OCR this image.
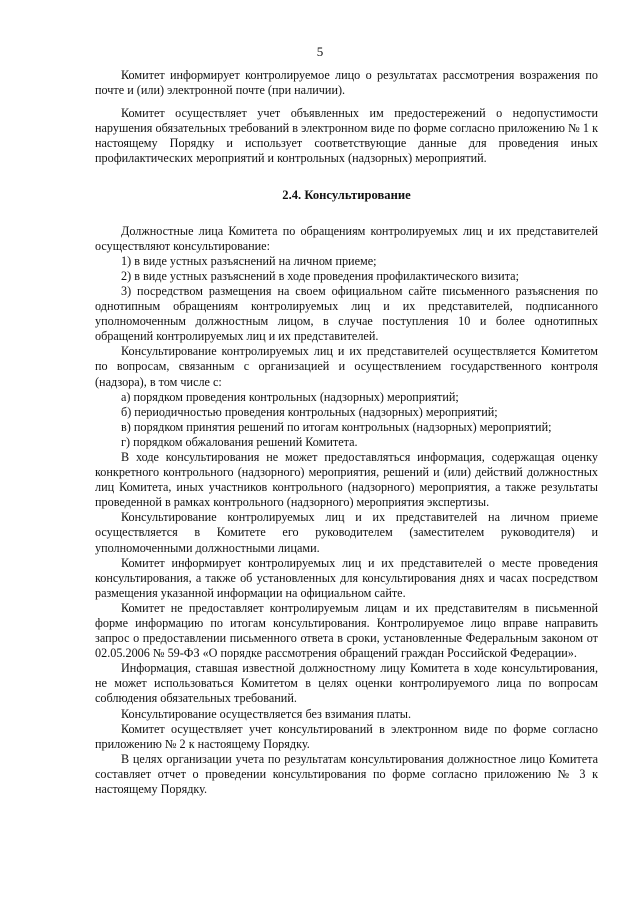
5

Комитет информирует контролируемое лицо о результатах рассмотрения возражения по почте и (или) электронной почте (при наличии).

Комитет осуществляет учет объявленных им предостережений о недопустимости нарушения обязательных требований в электронном виде по форме согласно приложению № 1 к настоящему Порядку и использует соответствующие данные для проведения иных профилактических мероприятий и контрольных (надзорных) мероприятий.

2.4. Консультирование

Должностные лица Комитета по обращениям контролируемых лиц и их представителей осуществляют консультирование:

1) в виде устных разъяснений на личном приеме;

2) в виде устных разъяснений в ходе проведения профилактического визита;

3) посредством размещения на своем официальном сайте письменного разъяснения по однотипным обращениям контролируемых лиц и их представителей, подписанного уполномоченным должностным лицом, в случае поступления 10 и более однотипных обращений контролируемых лиц и их представителей.

Консультирование контролируемых лиц и их представителей осуществляется Комитетом по вопросам, связанным с организацией и осуществлением государственного контроля (надзора), в том числе с:

а) порядком проведения контрольных (надзорных) мероприятий;

б) периодичностью проведения контрольных (надзорных) мероприятий;

в) порядком принятия решений по итогам контрольных (надзорных) мероприятий;

г) порядком обжалования решений Комитета.

В ходе консультирования не может предоставляться информация, содержащая оценку конкретного контрольного (надзорного) мероприятия, решений и (или) действий должностных лиц Комитета, иных участников контрольного (надзорного) мероприятия, а также результаты проведенной в рамках контрольного (надзорного) мероприятия экспертизы.

Консультирование контролируемых лиц и их представителей на личном приеме осуществляется в Комитете его руководителем (заместителем руководителя) и уполномоченными должностными лицами.

Комитет информирует контролируемых лиц и их представителей о месте проведения консультирования, а также об установленных для консультирования днях и часах посредством размещения указанной информации на официальном сайте.

Комитет не предоставляет контролируемым лицам и их представителям в письменной форме информацию по итогам консультирования. Контролируемое лицо вправе направить запрос о предоставлении письменного ответа в сроки, установленные Федеральным законом от 02.05.2006 № 59-ФЗ «О порядке рассмотрения обращений граждан Российской Федерации».

Информация, ставшая известной должностному лицу Комитета в ходе консультирования, не может использоваться Комитетом в целях оценки контролируемого лица по вопросам соблюдения обязательных требований.

Консультирование осуществляется без взимания платы.

Комитет осуществляет учет консультирований в электронном виде по форме согласно приложению № 2 к настоящему Порядку.

В целях организации учета по результатам консультирования должностное лицо Комитета составляет отчет о проведении консультирования по форме согласно приложению № 3 к настоящему Порядку.
